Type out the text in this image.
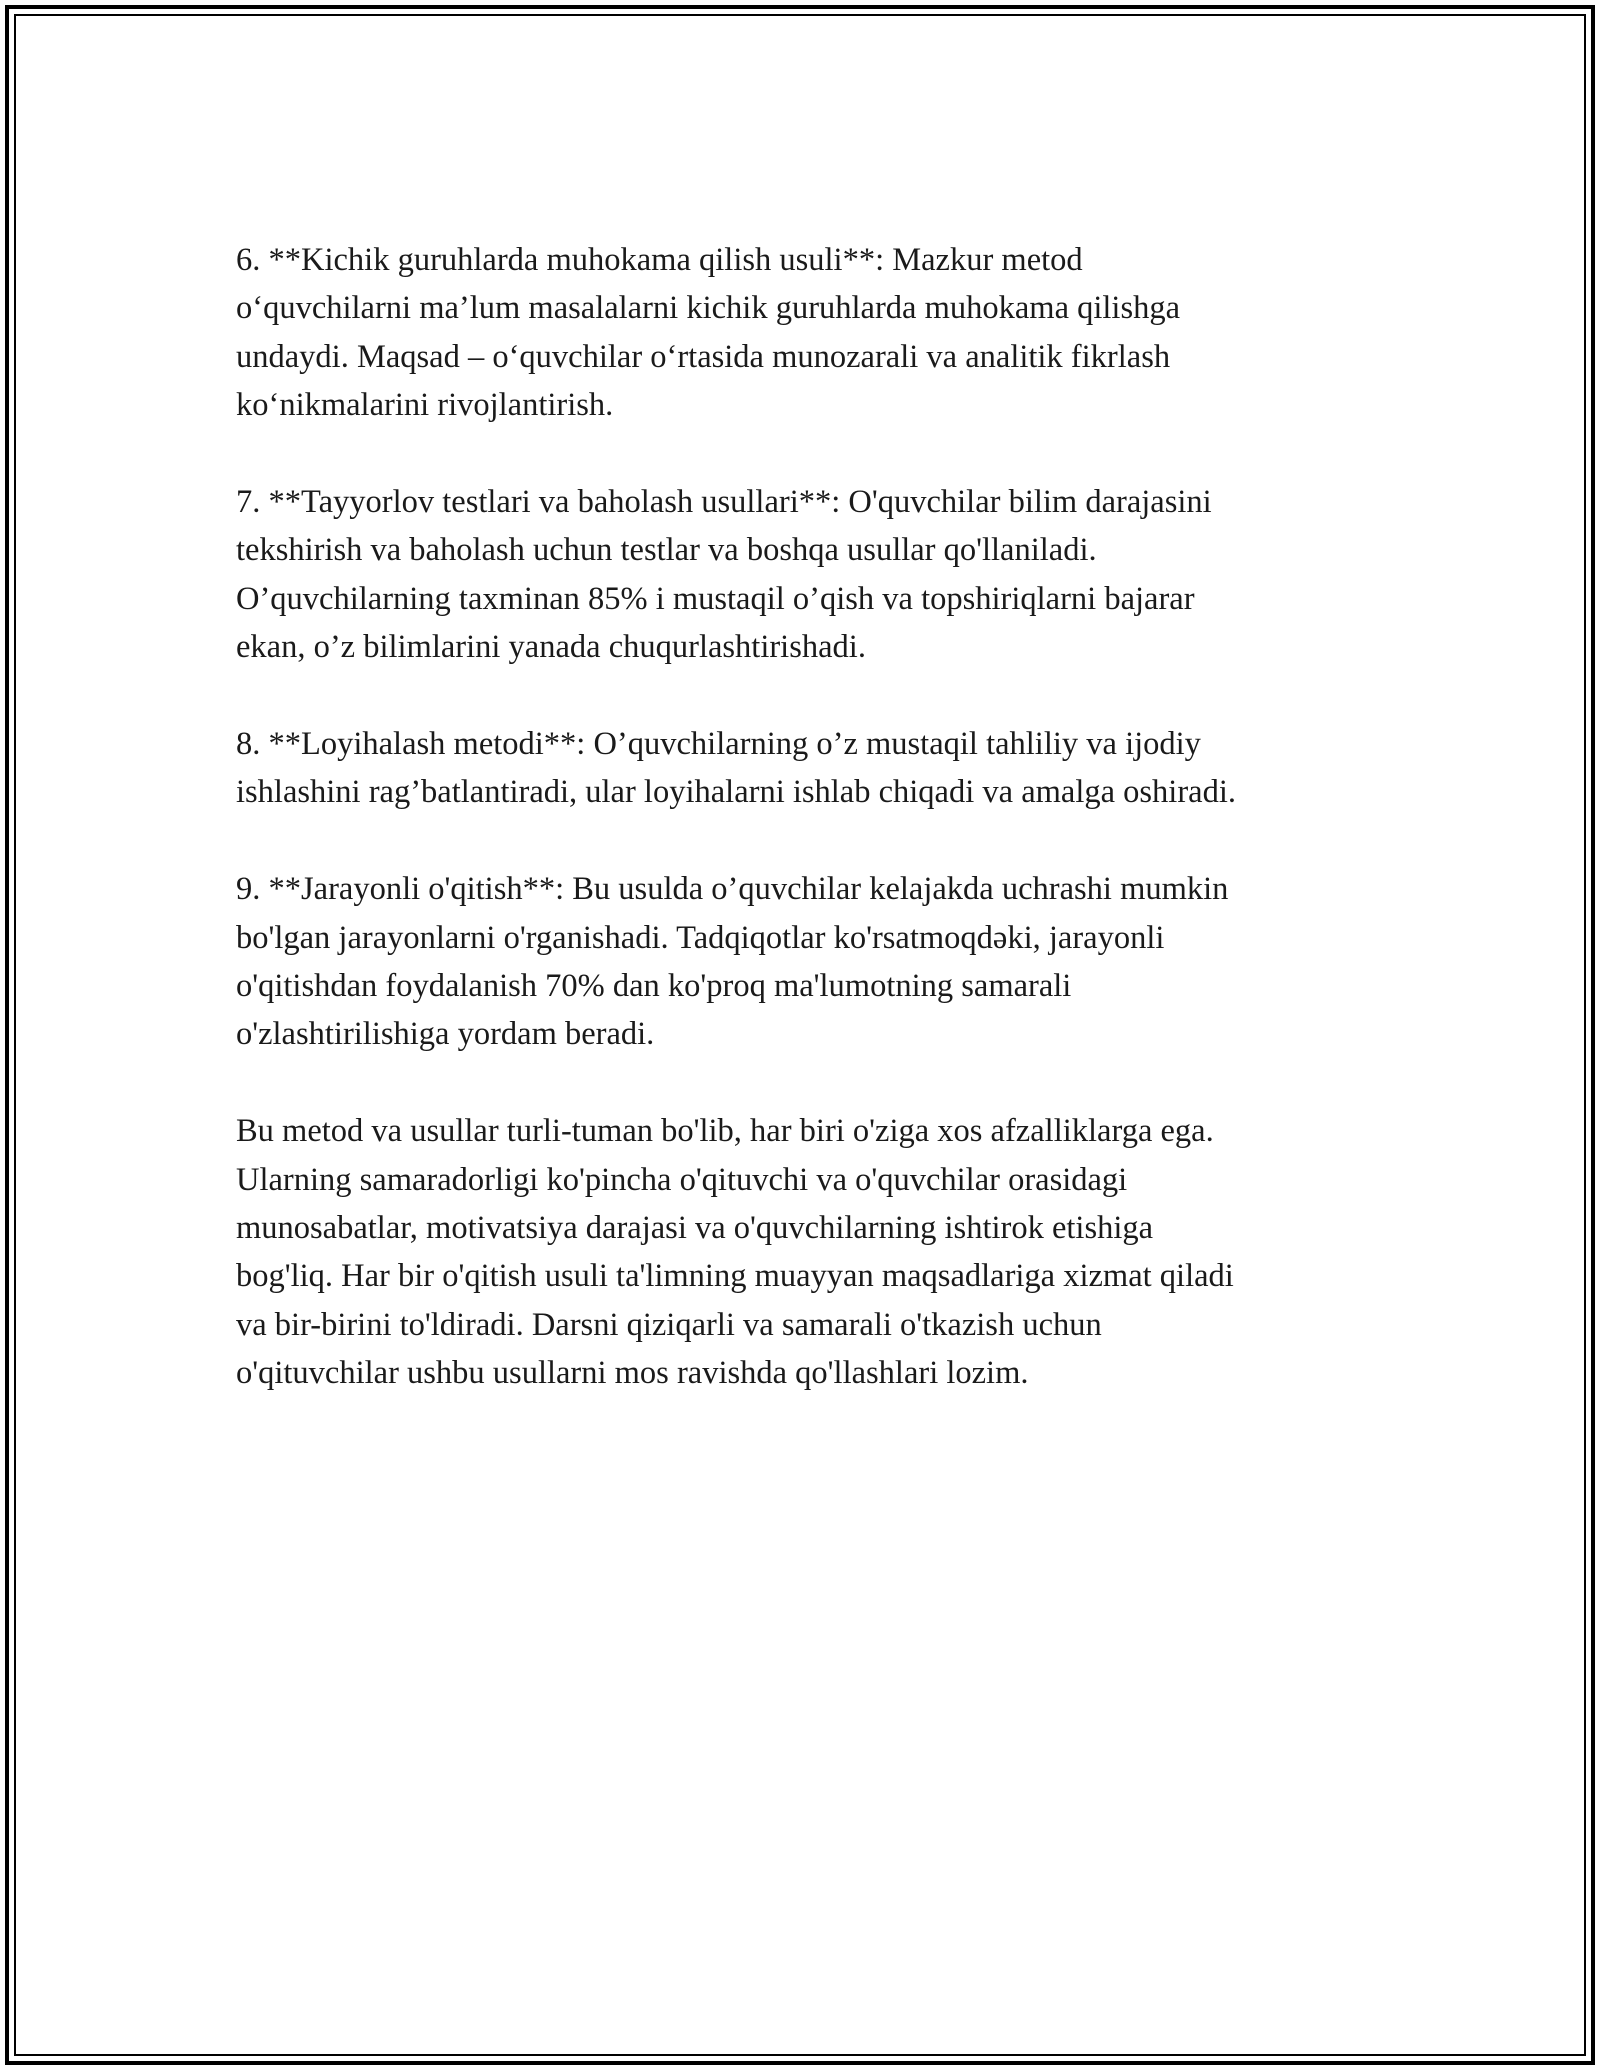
6. **Kichik guruhlarda muhokama qilish usuli**: Mazkur metod
o‘quvchilarni ma’lum masalalarni kichik guruhlarda muhokama qilishga
undaydi. Maqsad – o‘quvchilar o‘rtasida munozarali va analitik fikrlash
ko‘nikmalarini rivojlantirish.

7. **Tayyorlov testlari va baholash usullari**: O'quvchilar bilim darajasini
tekshirish va baholash uchun testlar va boshqa usullar qo'llaniladi.
O’quvchilarning taxminan 85% i mustaqil o’qish va topshiriqlarni bajarar
ekan, o’z bilimlarini yanada chuqurlashtirishadi.

8. **Loyihalash metodi**: O’quvchilarning o’z mustaqil tahliliy va ijodiy
ishlashini rag’batlantiradi, ular loyihalarni ishlab chiqadi va amalga oshiradi.

9. **Jarayonli o'qitish**: Bu usulda o’quvchilar kelajakda uchrashi mumkin
bo'lgan jarayonlarni o'rganishadi. Tadqiqotlar ko'rsatmoqdəki, jarayonli
o'qitishdan foydalanish 70% dan ko'proq ma'lumotning samarali
o'zlashtirilishiga yordam beradi.

Bu metod va usullar turli-tuman bo'lib, har biri o'ziga xos afzalliklarga ega.
Ularning samaradorligi ko'pincha o'qituvchi va o'quvchilar orasidagi
munosabatlar, motivatsiya darajasi va o'quvchilarning ishtirok etishiga
bog'liq. Har bir o'qitish usuli ta'limning muayyan maqsadlariga xizmat qiladi
va bir-birini to'ldiradi. Darsni qiziqarli va samarali o'tkazish uchun
o'qituvchilar ushbu usullarni mos ravishda qo'llashlari lozim.
